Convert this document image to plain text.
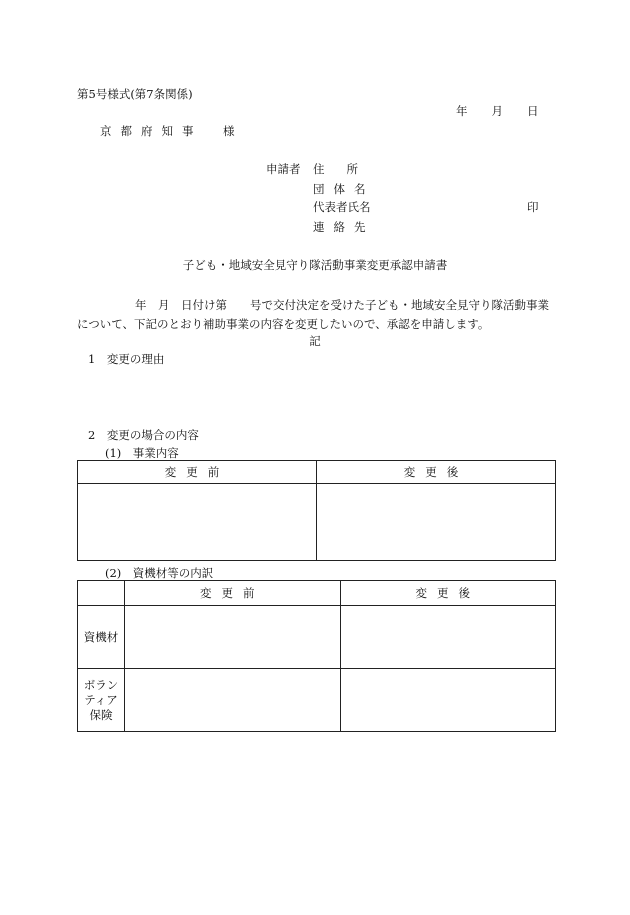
第5号様式(第7条関係)
年 月 日
京都府知事　様
申請者 住所
団体名
代表者氏名
連絡先
印
子ども・地域安全見守り隊活動事業変更承認申請書
年　月　日付け第　　号で交付決定を受けた子ども・地域安全見守り隊活動事業について、下記のとおり補助事業の内容を変更したいので、承認を申請します。
記
1　変更の理由
2　変更の場合の内容
(1)　事業内容
変更前	変更後

(2)　資機材等の内訳
	変更前	変更後
資機材		
ボランティア保険		
